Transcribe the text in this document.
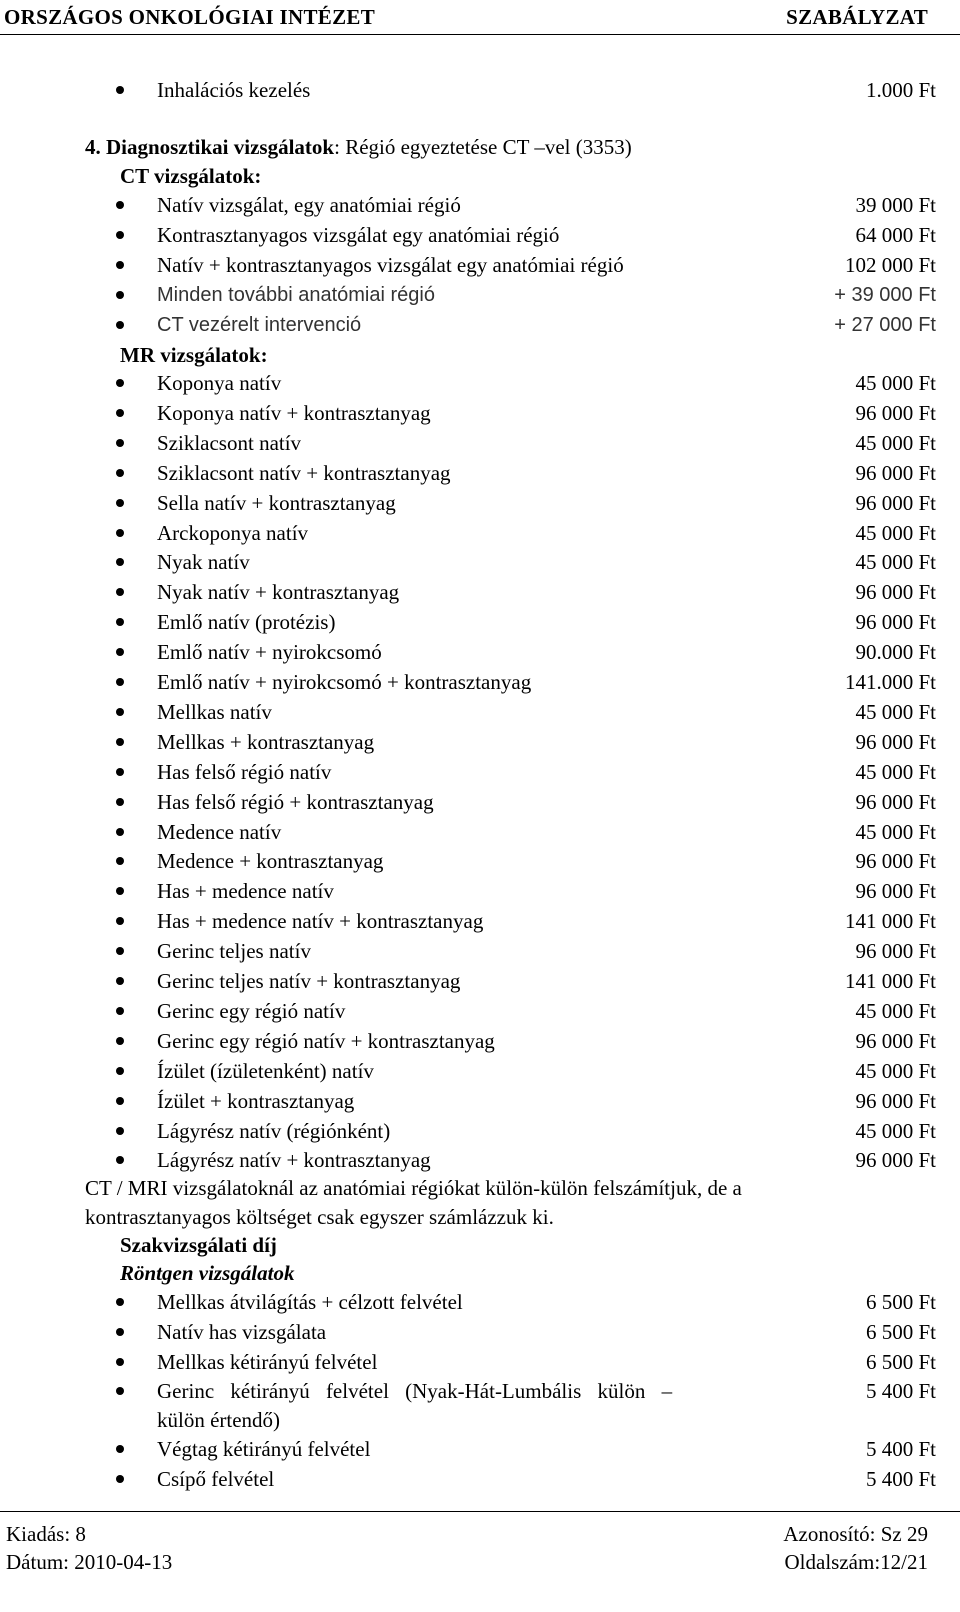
ORSZÁGOS ONKOLÓGIAI INTÉZET	SZABÁLYZAT
Inhalációs kezelés	1.000 Ft
4. Diagnosztikai vizsgálatok: Régió egyeztetése CT –vel (3353)
CT vizsgálatok:
Natív vizsgálat, egy anatómiai régió	39 000 Ft
Kontrasztanyagos vizsgálat egy anatómiai régió	64 000 Ft
Natív + kontrasztanyagos vizsgálat egy anatómiai régió	102 000 Ft
Minden további anatómiai régió	+ 39 000 Ft
CT vezérelt intervenció	+ 27 000 Ft
MR vizsgálatok:
Koponya natív	45 000 Ft
Koponya natív + kontrasztanyag	96 000 Ft
Sziklacsont natív	45 000 Ft
Sziklacsont natív + kontrasztanyag	96 000 Ft
Sella natív + kontrasztanyag	96 000 Ft
Arckoponya natív	45 000 Ft
Nyak natív	45 000 Ft
Nyak natív + kontrasztanyag	96 000 Ft
Emlő natív (protézis)	96 000 Ft
Emlő natív + nyirokcsomó	90.000 Ft
Emlő natív + nyirokcsomó + kontrasztanyag	141.000 Ft
Mellkas natív	45 000 Ft
Mellkas + kontrasztanyag	96 000 Ft
Has felső régió natív	45 000 Ft
Has felső régió + kontrasztanyag	96 000 Ft
Medence natív	45 000 Ft
Medence + kontrasztanyag	96 000 Ft
Has + medence natív	96 000 Ft
Has + medence natív + kontrasztanyag	141 000 Ft
Gerinc teljes natív	96 000 Ft
Gerinc teljes natív + kontrasztanyag	141 000 Ft
Gerinc egy régió natív	45 000 Ft
Gerinc egy régió natív + kontrasztanyag	96 000 Ft
Ízület (ízületenként) natív	45 000 Ft
Ízület + kontrasztanyag	96 000 Ft
Lágyrész natív (régiónként)	45 000 Ft
Lágyrész natív + kontrasztanyag	96 000 Ft
CT / MRI vizsgálatoknál az anatómiai régiókat külön-külön felszámítjuk, de a
kontrasztanyagos költséget csak egyszer számlázzuk ki.
Szakvizsgálati díj
Röntgen vizsgálatok
Mellkas átvilágítás + célzott felvétel	6 500 Ft
Natív has vizsgálata	6 500 Ft
Mellkas kétirányú felvétel	6 500 Ft
Gerinc kétirányú felvétel (Nyak-Hát-Lumbális külön –	5 400 Ft
külön értendő)
Végtag kétirányú felvétel	5 400 Ft
Csípő felvétel	5 400 Ft
Kiadás: 8	Azonosító: Sz 29
Dátum: 2010-04-13	Oldalszám:12/21
